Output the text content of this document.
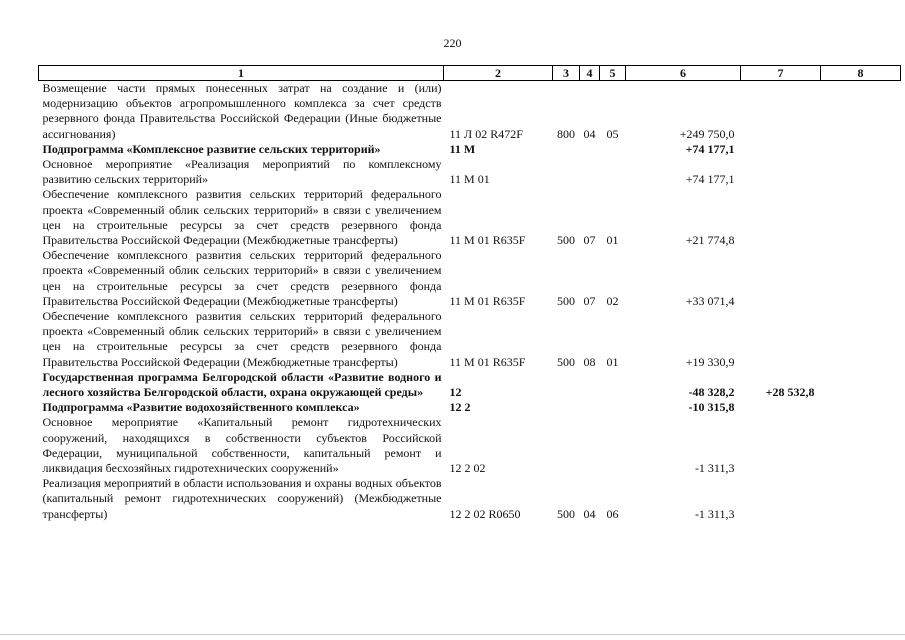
220
1	2	3	4	5	6	7	8
Возмещение части прямых понесенных затрат на создание и (или) модернизацию объектов агропромышленного комплекса за счет средств резервного фонда Правительства Российской Федерации (Иные бюджетные ассигнования)	11 Л 02 R472F	800	04	05	+249 750,0		
Подпрограмма «Комплексное развитие сельских территорий»	11 М				+74 177,1		
Основное мероприятие «Реализация мероприятий по комплексному развитию сельских территорий»	11 М 01				+74 177,1		
Обеспечение комплексного развития сельских территорий федерального проекта «Современный облик сельских территорий» в связи с увеличением цен на строительные ресурсы за счет средств резервного фонда Правительства Российской Федерации (Межбюджетные трансферты)	11 М 01 R635F	500	07	01	+21 774,8		
Обеспечение комплексного развития сельских территорий федерального проекта «Современный облик сельских территорий» в связи с увеличением цен на строительные ресурсы за счет средств резервного фонда Правительства Российской Федерации (Межбюджетные трансферты)	11 М 01 R635F	500	07	02	+33 071,4		
Обеспечение комплексного развития сельских территорий федерального проекта «Современный облик сельских территорий» в связи с увеличением цен на строительные ресурсы за счет средств резервного фонда Правительства Российской Федерации (Межбюджетные трансферты)	11 М 01 R635F	500	08	01	+19 330,9		
Государственная программа Белгородской области «Развитие водного и лесного хозяйства Белгородской области, охрана окружающей среды»	12				-48 328,2	+28 532,8	
Подпрограмма «Развитие водохозяйственного комплекса»	12 2				-10 315,8		
Основное мероприятие «Капитальный ремонт гидротехнических сооружений, находящихся в собственности субъектов Российской Федерации, муниципальной собственности, капитальный ремонт и ликвидация бесхозяйных гидротехнических сооружений»	12 2 02				-1 311,3		
Реализация мероприятий в области использования и охраны водных объектов (капитальный ремонт гидротехнических сооружений) (Межбюджетные трансферты)	12 2 02 R0650	500	04	06	-1 311,3		
